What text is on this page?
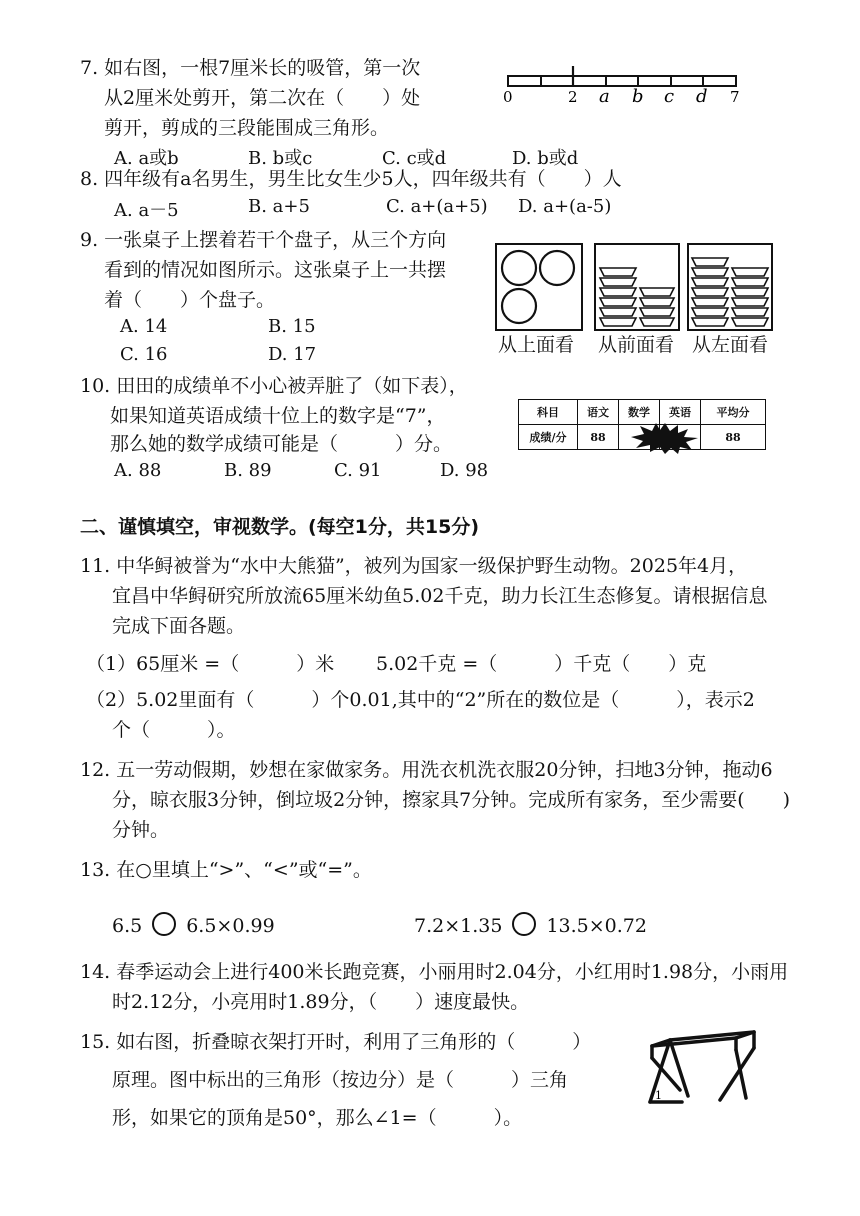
7. 如右图，一根7厘米长的吸管，第一次
从2厘米处剪开，第二次在（　　）处
剪开，剪成的三段能围成三角形。
A. a或b	B. b或c	C. c或d	D. b或d
0	2 a b c d 7
8. 四年级有a名男生，男生比女生少5人，四年级共有（　　）人
A. a－5	B. a+5	C. a+(a+5) D. a+(a-5)
9. 一张桌子上摆着若干个盘子，从三个方向
看到的情况如图所示。这张桌子上一共摆
着（　　）个盘子。
A. 14	B. 15
C. 16	D. 17	从上面看 从前面看 从左面看
10. 田田的成绩单不小心被弄脏了（如下表），
如果知道英语成绩十位上的数字是“7”，
那么她的数学成绩可能是（　　　）分。
A. 88	B. 89	C. 91	D. 98
科目	语文	数学	英语	平均分
成绩/分	88			88
二、谨慎填空，审视数学。(每空1分，共15分)
11. 中华鲟被誉为“水中大熊猫”，被列为国家一级保护野生动物。2025年4月，
宜昌中华鲟研究所放流65厘米幼鱼5.02千克，助力长江生态修复。请根据信息
完成下面各题。
（1）65厘米 =（　　　）米 5.02千克 =（　　　）千克（　　）克
（2）5.02里面有（　　　）个0.01,其中的“2”所在的数位是（　　　），表示2
个（　　　）。
12. 五一劳动假期，妙想在家做家务。用洗衣机洗衣服20分钟，扫地3分钟，拖动6
分，晾衣服3分钟，倒垃圾2分钟，擦家具7分钟。完成所有家务，至少需要(　　)
分钟。
13. 在○里填上“>”、“<”或“=”。
6.5 6.5×0.99	7.2×1.35 13.5×0.72
14. 春季运动会上进行400米长跑竞赛，小丽用时2.04分，小红用时1.98分，小雨用
时2.12分，小亮用时1.89分，（　　）速度最快。
15. 如右图，折叠晾衣架打开时，利用了三角形的（　　　）
原理。图中标出的三角形（按边分）是（　　　）三角
形，如果它的顶角是50°，那么∠1=（　　　）。
1
